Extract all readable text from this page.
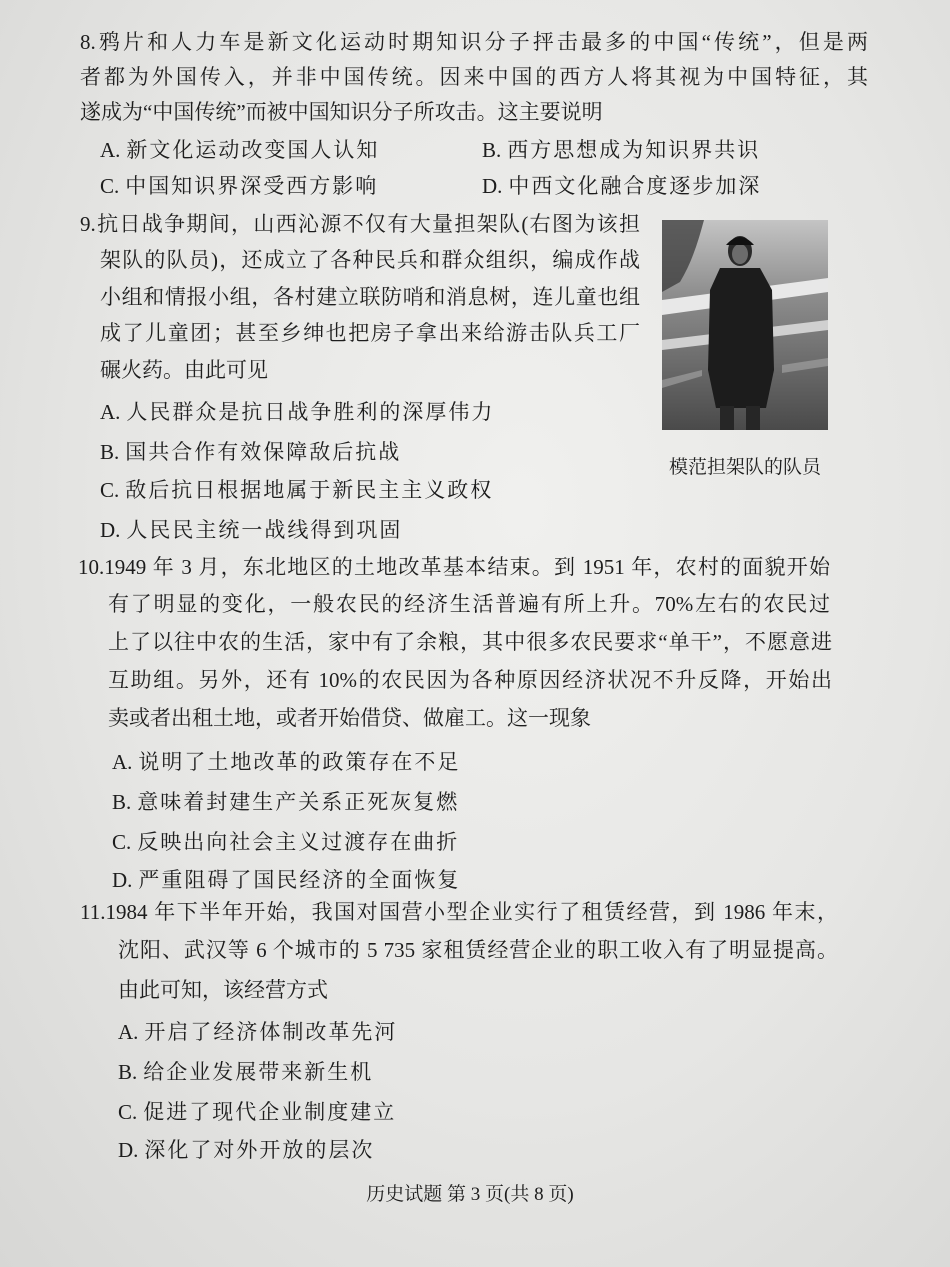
8.鸦片和人力车是新文化运动时期知识分子抨击最多的中国“传统”，但是两
者都为外国传入，并非中国传统。因来中国的西方人将其视为中国特征，其
遂成为“中国传统”而被中国知识分子所攻击。这主要说明
A. 新文化运动改变国人认知	B. 西方思想成为知识界共识
C. 中国知识界深受西方影响	D. 中西文化融合度逐步加深
9.抗日战争期间，山西沁源不仅有大量担架队(右图为该担
架队的队员)，还成立了各种民兵和群众组织，编成作战
小组和情报小组，各村建立联防哨和消息树，连儿童也组
成了儿童团；甚至乡绅也把房子拿出来给游击队兵工厂
碾火药。由此可见
A. 人民群众是抗日战争胜利的深厚伟力
B. 国共合作有效保障敌后抗战
C. 敌后抗日根据地属于新民主主义政权
D. 人民民主统一战线得到巩固
模范担架队的队员
10.1949 年 3 月，东北地区的土地改革基本结束。到 1951 年，农村的面貌开始
有了明显的变化，一般农民的经济生活普遍有所上升。70%左右的农民过
上了以往中农的生活，家中有了余粮，其中很多农民要求“单干”，不愿意进
互助组。另外，还有 10%的农民因为各种原因经济状况不升反降，开始出
卖或者出租土地，或者开始借贷、做雇工。这一现象
A. 说明了土地改革的政策存在不足
B. 意味着封建生产关系正死灰复燃
C. 反映出向社会主义过渡存在曲折
D. 严重阻碍了国民经济的全面恢复
11.1984 年下半年开始，我国对国营小型企业实行了租赁经营，到 1986 年末，
沈阳、武汉等 6 个城市的 5 735 家租赁经营企业的职工收入有了明显提高。
由此可知，该经营方式
A. 开启了经济体制改革先河
B. 给企业发展带来新生机
C. 促进了现代企业制度建立
D. 深化了对外开放的层次
历史试题 第 3 页(共 8 页)
